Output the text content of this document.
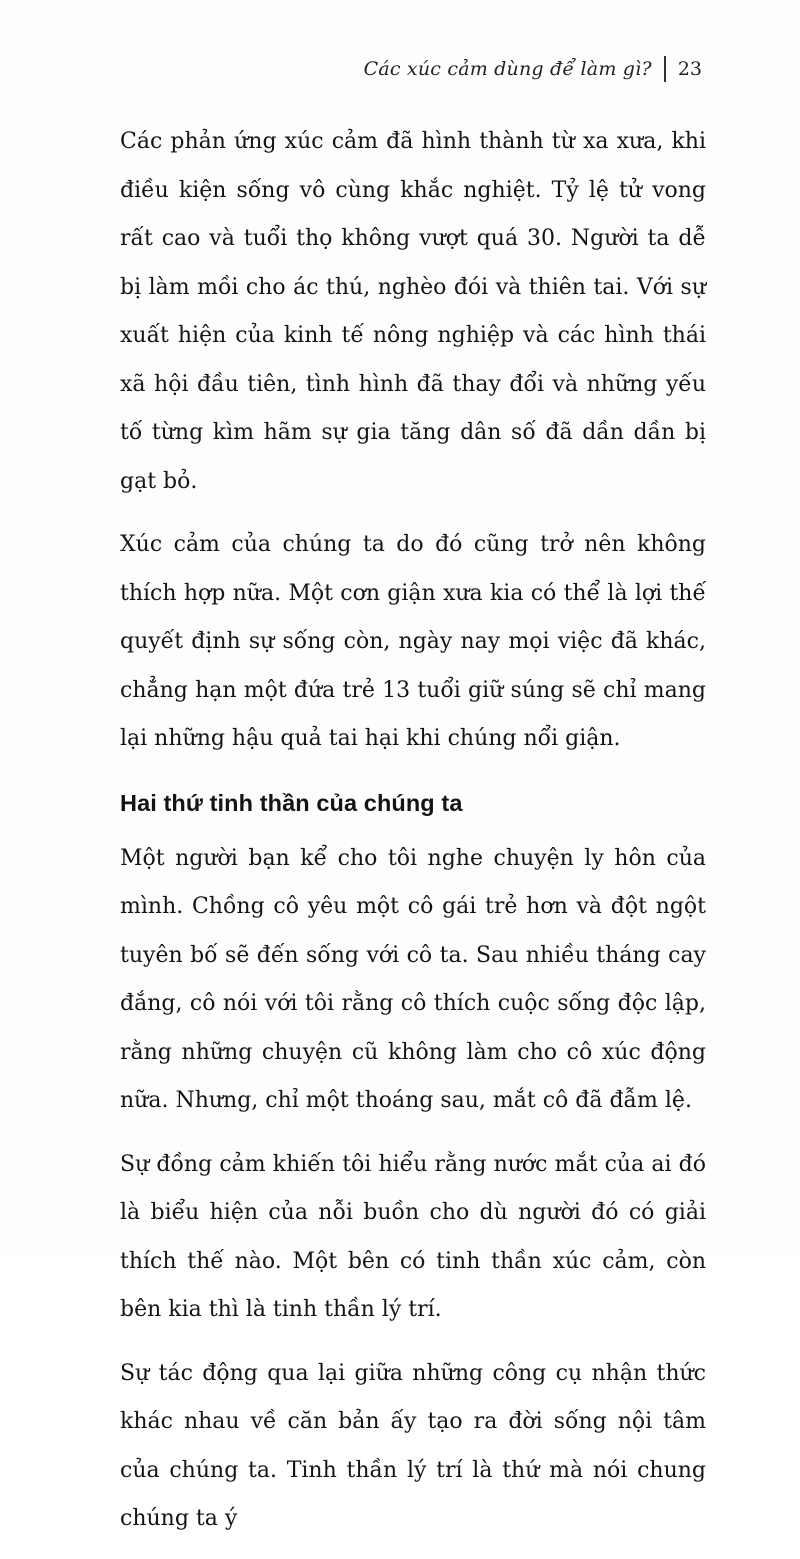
Các xúc cảm dùng để làm gì? 23

Các phản ứng xúc cảm đã hình thành từ xa xưa, khi điều kiện sống vô cùng khắc nghiệt. Tỷ lệ tử vong rất cao và tuổi thọ không vượt quá 30. Người ta dễ bị làm mồi cho ác thú, nghèo đói và thiên tai. Với sự xuất hiện của kinh tế nông nghiệp và các hình thái xã hội đầu tiên, tình hình đã thay đổi và những yếu tố từng kìm hãm sự gia tăng dân số đã dần dần bị gạt bỏ.

Xúc cảm của chúng ta do đó cũng trở nên không thích hợp nữa. Một cơn giận xưa kia có thể là lợi thế quyết định sự sống còn, ngày nay mọi việc đã khác, chẳng hạn một đứa trẻ 13 tuổi giữ súng sẽ chỉ mang lại những hậu quả tai hại khi chúng nổi giận.

Hai thứ tinh thần của chúng ta

Một người bạn kể cho tôi nghe chuyện ly hôn của mình. Chồng cô yêu một cô gái trẻ hơn và đột ngột tuyên bố sẽ đến sống với cô ta. Sau nhiều tháng cay đắng, cô nói với tôi rằng cô thích cuộc sống độc lập, rằng những chuyện cũ không làm cho cô xúc động nữa. Nhưng, chỉ một thoáng sau, mắt cô đã đẫm lệ.

Sự đồng cảm khiến tôi hiểu rằng nước mắt của ai đó là biểu hiện của nỗi buồn cho dù người đó có giải thích thế nào. Một bên có tinh thần xúc cảm, còn bên kia thì là tinh thần lý trí.

Sự tác động qua lại giữa những công cụ nhận thức khác nhau về căn bản ấy tạo ra đời sống nội tâm của chúng ta. Tinh thần lý trí là thứ mà nói chung chúng ta ý
